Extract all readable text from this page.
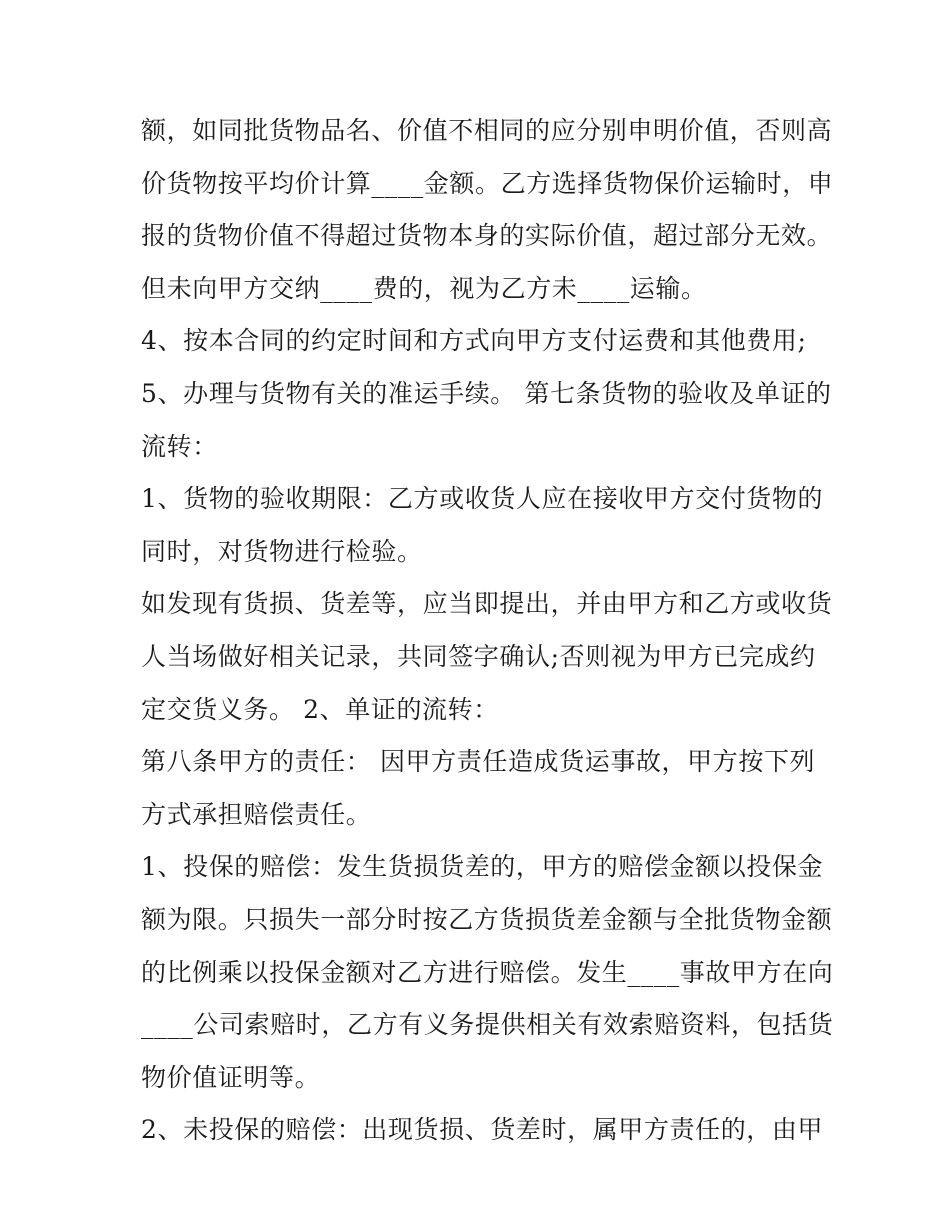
额，如同批货物品名、价值不相同的应分别申明价值，否则高
价货物按平均价计算____金额。乙方选择货物保价运输时，申
报的货物价值不得超过货物本身的实际价值，超过部分无效。
但未向甲方交纳____费的，视为乙方未____运输。
4、按本合同的约定时间和方式向甲方支付运费和其他费用;
5、办理与货物有关的准运手续。 第七条货物的验收及单证的
流转：
1、货物的验收期限：乙方或收货人应在接收甲方交付货物的
同时，对货物进行检验。
如发现有货损、货差等，应当即提出，并由甲方和乙方或收货
人当场做好相关记录，共同签字确认;否则视为甲方已完成约
定交货义务。 2、单证的流转：
第八条甲方的责任： 因甲方责任造成货运事故，甲方按下列
方式承担赔偿责任。
1、投保的赔偿：发生货损货差的，甲方的赔偿金额以投保金
额为限。只损失一部分时按乙方货损货差金额与全批货物金额
的比例乘以投保金额对乙方进行赔偿。发生____事故甲方在向
____公司索赔时，乙方有义务提供相关有效索赔资料，包括货
物价值证明等。
2、未投保的赔偿：出现货损、货差时，属甲方责任的，由甲
